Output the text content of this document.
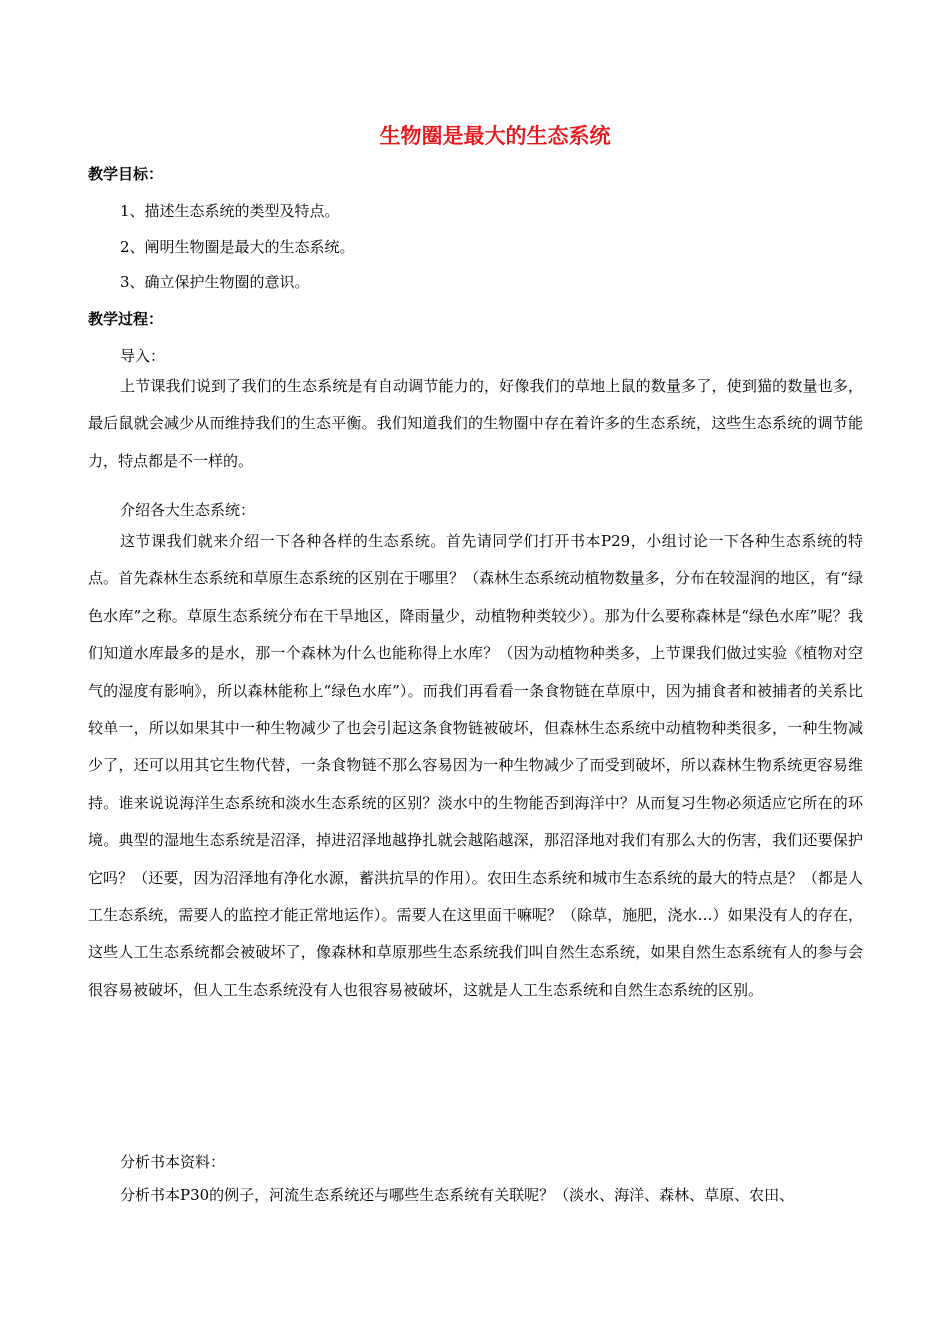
生物圈是最大的生态系统
教学目标：
1、描述生态系统的类型及特点。
2、阐明生物圈是最大的生态系统。
3、确立保护生物圈的意识。
教学过程：
导入：

上节课我们说到了我们的生态系统是有自动调节能力的，好像我们的草地上鼠的数量多了，使到猫的数量也多，最后鼠就会减少从而维持我们的生态平衡。我们知道我们的生物圈中存在着许多的生态系统，这些生态系统的调节能力，特点都是不一样的。

介绍各大生态系统：

这节课我们就来介绍一下各种各样的生态系统。首先请同学们打开书本P29，小组讨论一下各种生态系统的特点。首先森林生态系统和草原生态系统的区别在于哪里？（森林生态系统动植物数量多，分布在较湿润的地区，有“绿色水库”之称。草原生态系统分布在干旱地区，降雨量少，动植物种类较少）。那为什么要称森林是“绿色水库”呢？我们知道水库最多的是水，那一个森林为什么也能称得上水库？（因为动植物种类多，上节课我们做过实验《植物对空气的湿度有影响》，所以森林能称上“绿色水库”）。而我们再看看一条食物链在草原中，因为捕食者和被捕者的关系比较单一，所以如果其中一种生物减少了也会引起这条食物链被破坏，但森林生态系统中动植物种类很多，一种生物减少了，还可以用其它生物代替，一条食物链不那么容易因为一种生物减少了而受到破坏，所以森林生物系统更容易维持。谁来说说海洋生态系统和淡水生态系统的区别？淡水中的生物能否到海洋中？从而复习生物必须适应它所在的环境。典型的湿地生态系统是沼泽，掉进沼泽地越挣扎就会越陷越深，那沼泽地对我们有那么大的伤害，我们还要保护它吗？（还要，因为沼泽地有净化水源，蓄洪抗旱的作用）。农田生态系统和城市生态系统的最大的特点是？（都是人工生态系统，需要人的监控才能正常地运作）。需要人在这里面干嘛呢？（除草，施肥，浇水…）如果没有人的存在，这些人工生态系统都会被破坏了，像森林和草原那些生态系统我们叫自然生态系统，如果自然生态系统有人的参与会很容易被破坏，但人工生态系统没有人也很容易被破坏，这就是人工生态系统和自然生态系统的区别。

分析书本资料：

分析书本P30的例子，河流生态系统还与哪些生态系统有关联呢？（淡水、海洋、森林、草原、农田、
